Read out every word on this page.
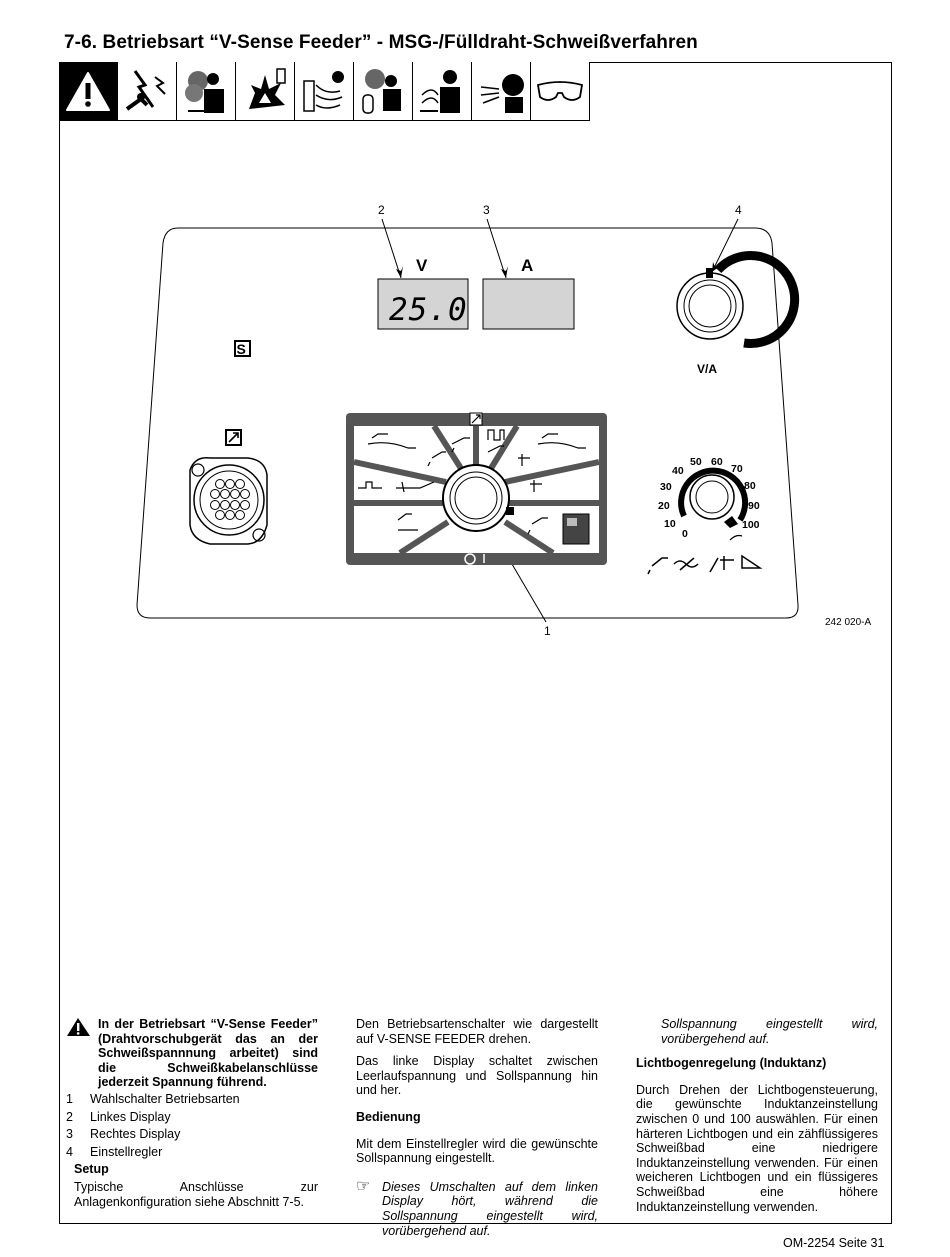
7-6. Betriebsart “V-Sense Feeder” - MSG-/Fülldraht-Schweißverfahren
2	3	4
1
V	A
25.0
S
V/A
0
10
20
30
40
50 60
70
80
90
100
242 020-A
In der Betriebsart “V-Sense Feeder” (Drahtvorschubgerät das an der Schweißspannnung arbeitet) sind die Schweißkabelanschlüsse jederzeit Spannung führend.
1	Wahlschalter Betriebsarten
2	Linkes Display
3	Rechtes Display
4	Einstellregler
Setup
Typische Anschlüsse zur Anlagenkonfiguration siehe Abschnitt 7-5.

Den Betriebsartenschalter wie dargestellt auf V-SENSE FEEDER drehen.

Das linke Display schaltet zwischen Leerlaufspannung und Sollspannung hin und her.

Bedienung

Mit dem Einstellregler wird die gewünschte Sollspannung eingestellt.

☞ Dieses Umschalten auf dem linken Display hört, während die Sollspannung eingestellt wird, vorübergehend auf.
Sollspannung eingestellt wird, vorübergehend auf.

Lichtbogenregelung (Induktanz)

Durch Drehen der Lichtbogensteuerung, die gewünschte Induktanzeinstellung zwischen 0 und 100 auswählen. Für einen härteren Lichtbogen und ein zähflüssigeres Schweißbad eine niedrigere Induktanzeinstellung verwenden. Für einen weicheren Lichtbogen und ein flüssigeres Schweißbad eine höhere Induktanzeinstellung verwenden.

OM-2254 Seite 31
